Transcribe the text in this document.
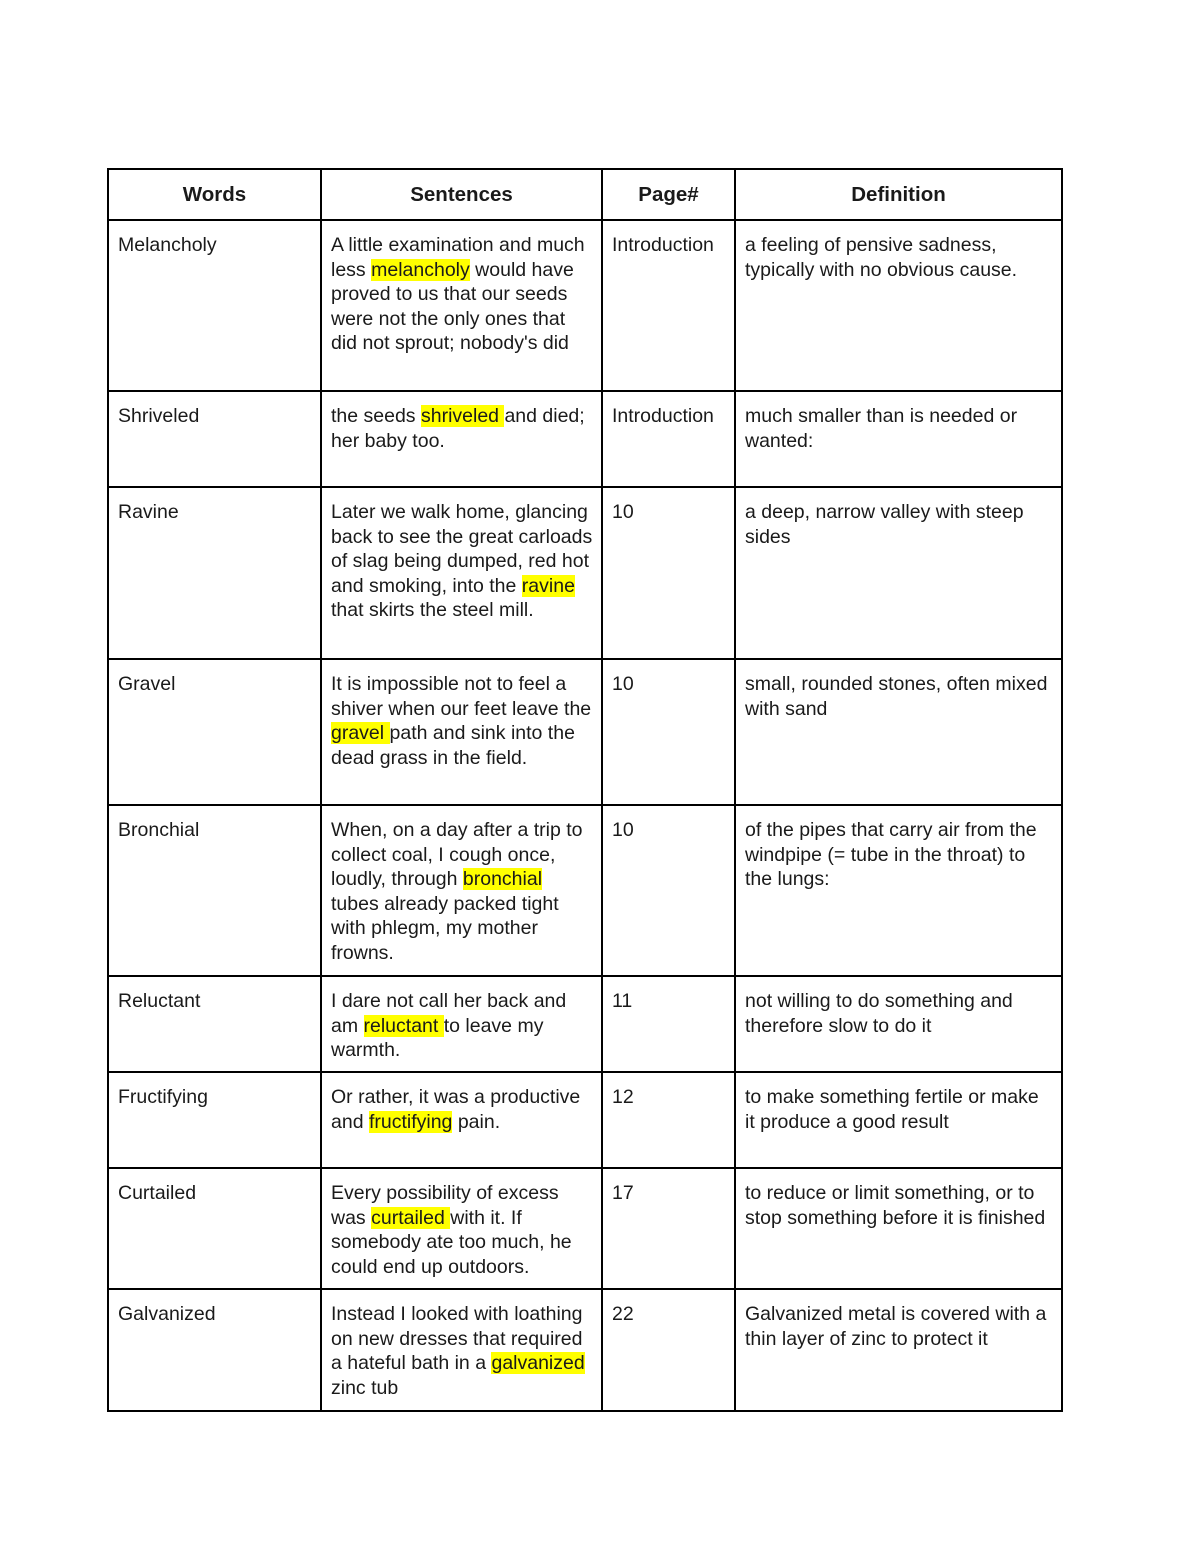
Words	Sentences	Page#	Definition
Melancholy	A little examination and much less melancholy would have proved to us that our seeds were not the only ones that did not sprout; nobody's did	Introduction	a feeling of pensive sadness, typically with no obvious cause.
Shriveled	the seeds shriveled and died; her baby too.	Introduction	much smaller than is needed or wanted:
Ravine	Later we walk home, glancing back to see the great carloads of slag being dumped, red hot and smoking, into the ravine that skirts the steel mill.	10	a deep, narrow valley with steep sides
Gravel	It is impossible not to feel a shiver when our feet leave the gravel path and sink into the dead grass in the field.	10	small, rounded stones, often mixed with sand
Bronchial	When, on a day after a trip to collect coal, I cough once, loudly, through bronchial tubes already packed tight with phlegm, my mother frowns.	10	of the pipes that carry air from the windpipe (= tube in the throat) to the lungs:
Reluctant	I dare not call her back and am reluctant to leave my warmth.	11	not willing to do something and therefore slow to do it
Fructifying	Or rather, it was a productive and fructifying pain.	12	to make something fertile or make it produce a good result
Curtailed	Every possibility of excess was curtailed with it. If somebody ate too much, he could end up outdoors.	17	to reduce or limit something, or to stop something before it is finished
Galvanized	Instead I looked with loathing on new dresses that required a hateful bath in a galvanized zinc tub	22	Galvanized metal is covered with a thin layer of zinc to protect it
